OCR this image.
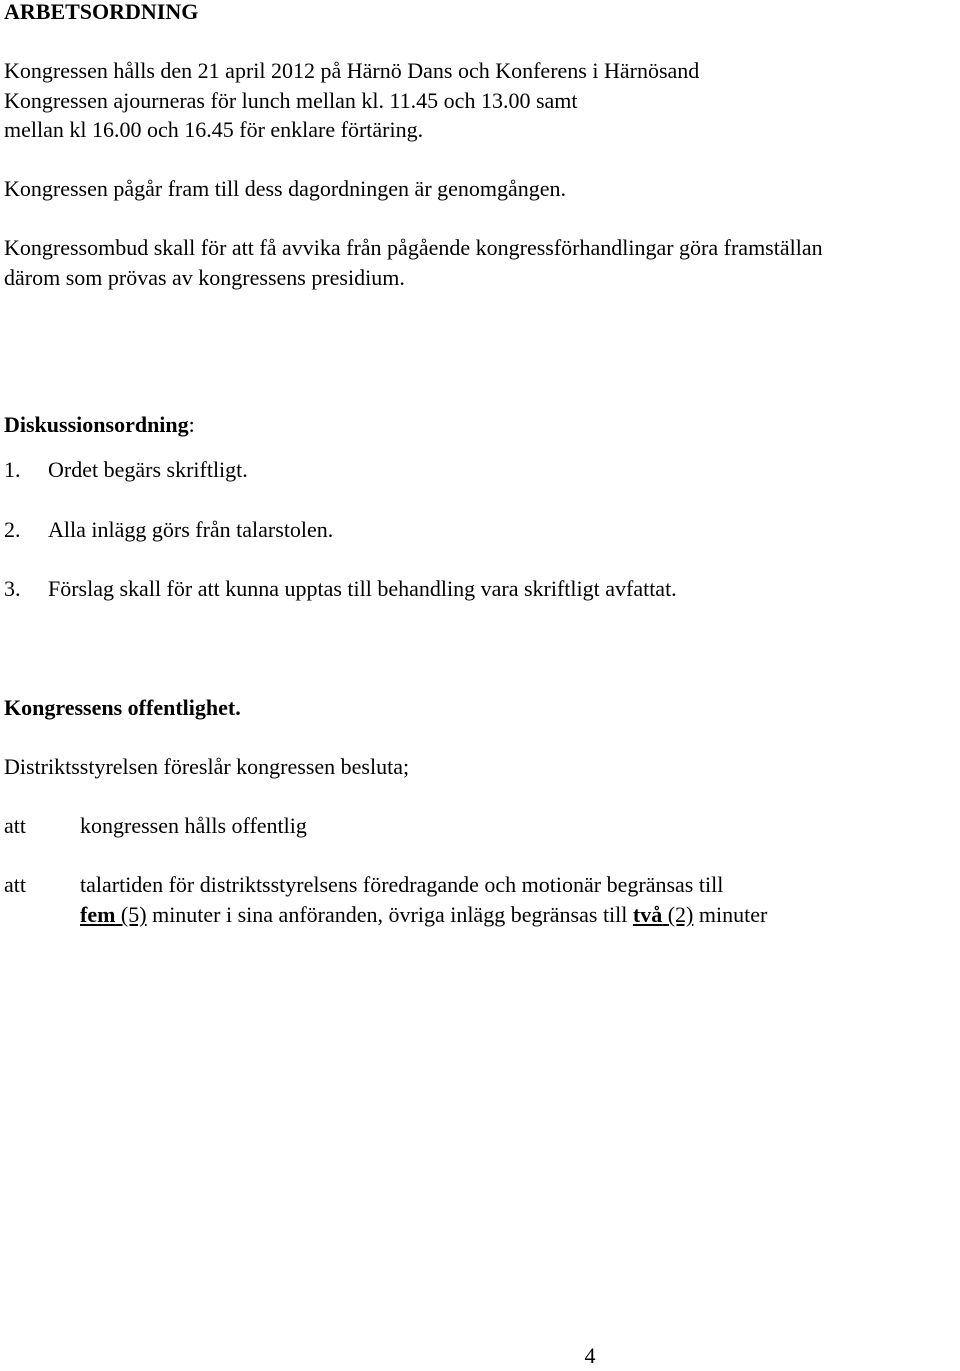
ARBETSORDNING
Kongressen hålls den 21 april 2012 på Härnö Dans och Konferens i Härnösand
Kongressen ajourneras för lunch mellan kl. 11.45 och 13.00 samt
mellan kl 16.00 och 16.45 för enklare förtäring.
Kongressen pågår fram till dess dagordningen är genomgången.
Kongressombud skall för att få avvika från pågående kongressförhandlingar göra framställan
därom som prövas av kongressens presidium.
Diskussionsordning:
1. Ordet begärs skriftligt.
2. Alla inlägg görs från talarstolen.
3. Förslag skall för att kunna upptas till behandling vara skriftligt avfattat.
Kongressens offentlighet.
Distriktsstyrelsen föreslår kongressen besluta;
att kongressen hålls offentlig
att talartiden för distriktsstyrelsens föredragande och motionär begränsas till
fem (5) minuter i sina anföranden, övriga inlägg begränsas till två (2) minuter
4
